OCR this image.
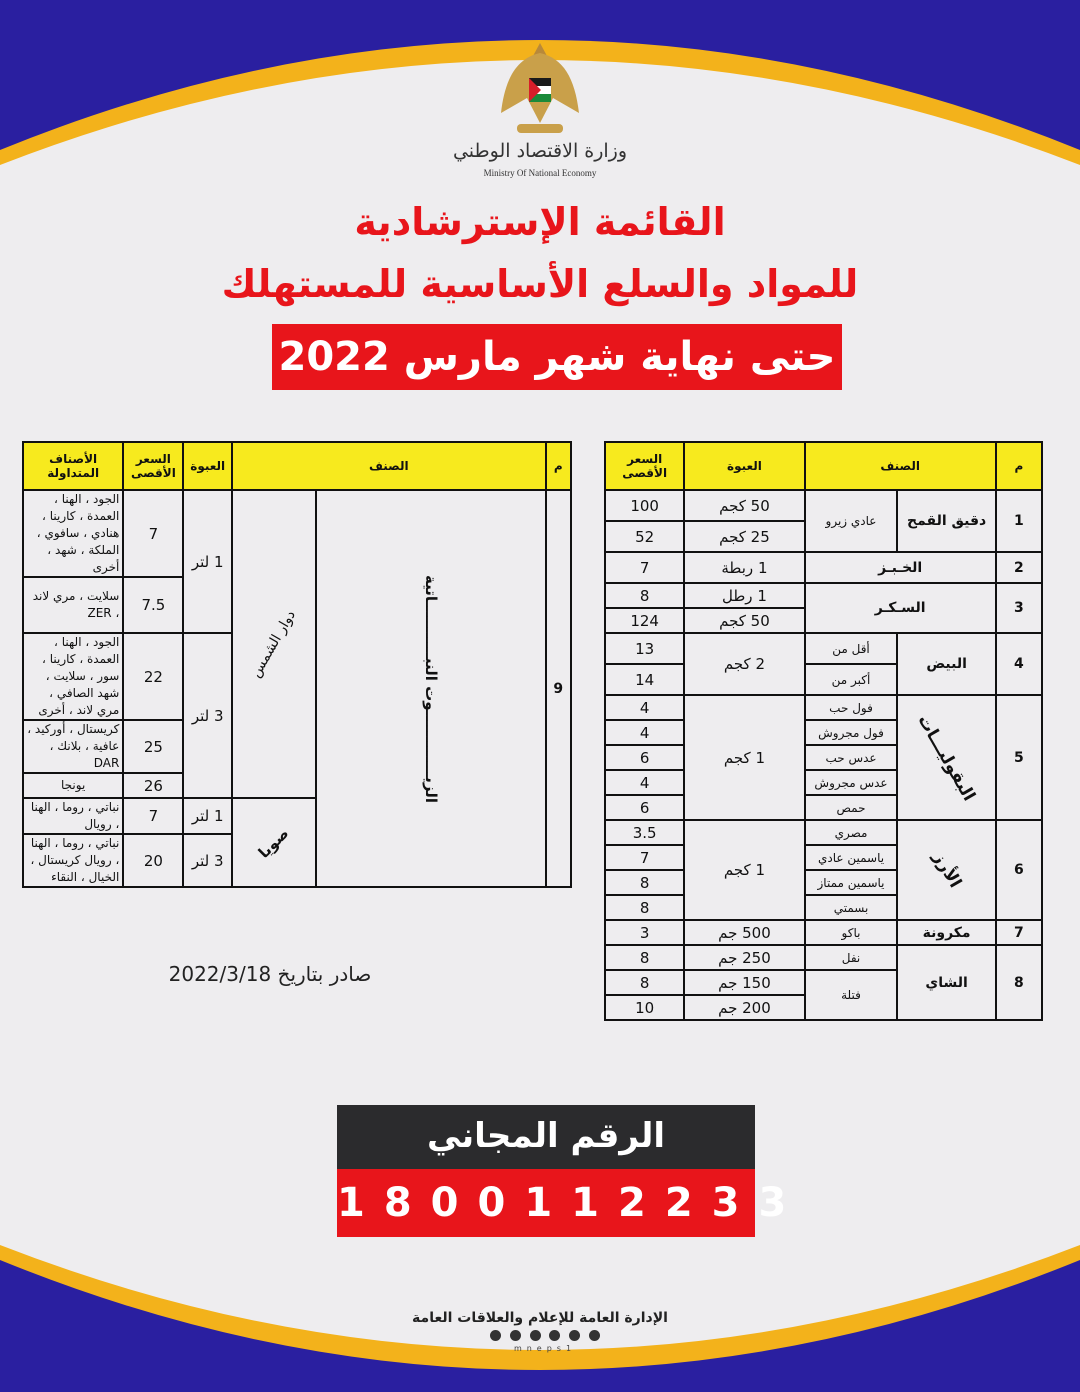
وزارة الاقتصاد الوطني
Ministry Of National Economy
القائمة الإسترشادية
للمواد والسلع الأساسية للمستهلك
حتى نهاية شهر مارس 2022
م	الصنف		العبوة	السعر الأقصى
1	دقيق القمح	عادي زيرو	50 كجم	100
			25 كجم	52
2	الخـبـز		1 ربطة	7
3	السـكـر		1 رطل	8
			50 كجم	124
4	البيض	أقل من	2 كجم	13
		أكبر من		14
5	البقوليـــات	فول حب	1 كجم	4
		فول مجروش		4
		عدس حب		6
		عدس مجروش		4
		حمص		6
6	الأرز	مصري	1 كجم	3.5
		ياسمين عادي		7
		ياسمين ممتاز		8
		بسمتي		8
7	مكرونة	باكو	500 جم	3
8	الشاي	نفل	250 جم	8
		فتلة	150 جم	8
			200 جم	10
م	الصنف		العبوة	السعر الأقصى	الأصناف المتداولة
9	الزيـــــــــــــوت النبـــــــــــاتية	دوار الشمس	1 لتر	7	الجود ، الهنا ، العمدة ، كارينا ، هنادي ، سافوي ، الملكة ، شهد ، أخرى
				7.5	سلايت ، مري لاند ، ZER
			3 لتر	22	الجود ، الهنا ، العمدة ، كارينا ، سور ، سلايت ، شهد الصافي ، مري لاند ، أخرى
				25	كريستال ، أوركيد ، عافية ، بلانك ، DAR
				26	يونجا
		صويا	1 لتر	7	نباتي ، روما ، الهنا ، رويال
			3 لتر	20	نباتي ، روما ، الهنا ، رويال كريستال ، الخيال ، النقاء
صادر بتاريخ 2022/3/18
الرقم المجاني
1800112233
الإدارة العامة للإعلام والعلاقات العامة
mneps1
